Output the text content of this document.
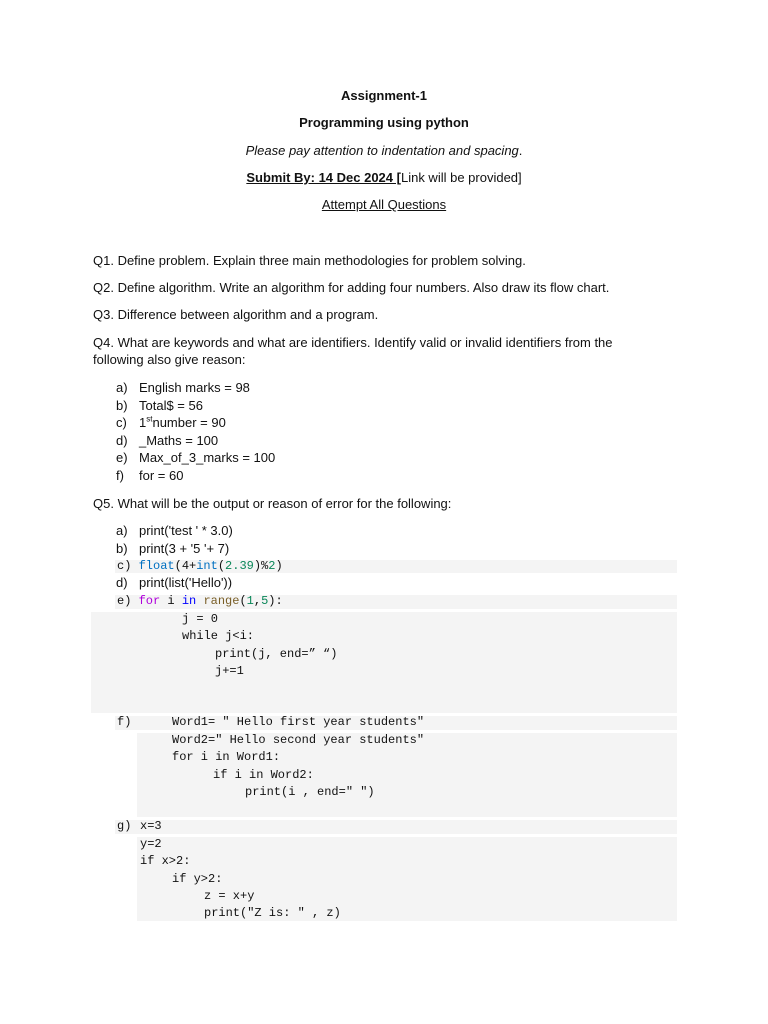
Assignment-1
Programming using python
Please pay attention to indentation and spacing.
Submit By: 14 Dec 2024 [Link will be provided]
Attempt All Questions
Q1. Define problem. Explain three main methodologies for problem solving.
Q2. Define algorithm. Write an algorithm for adding four numbers. Also draw its flow chart.
Q3. Difference between algorithm and a program.
Q4. What are keywords and what are identifiers. Identify valid or invalid identifiers from the following also give reason:
a) English marks = 98
b) Total$ = 56
c) 1stnumber = 90
d) _Maths = 100
e) Max_of_3_marks = 100
f) for = 60
Q5. What will be the output or reason of error for the following:
a) print('test ' * 3.0)
b) print(3 + '5 '+ 7)
c) float(4+int(2.39)%2)
d) print(list('Hello'))
e) for i in range(1,5):
j = 0
while j<i:
print(j, end=” “)
j+=1
f)	Word1= " Hello first year students"
Word2=" Hello second year students"
for i in Word1:
if i in Word2:
print(i , end=" ")
g) x=3
y=2
if x>2:
if y>2:
z = x+y
print("Z is: " , z)
